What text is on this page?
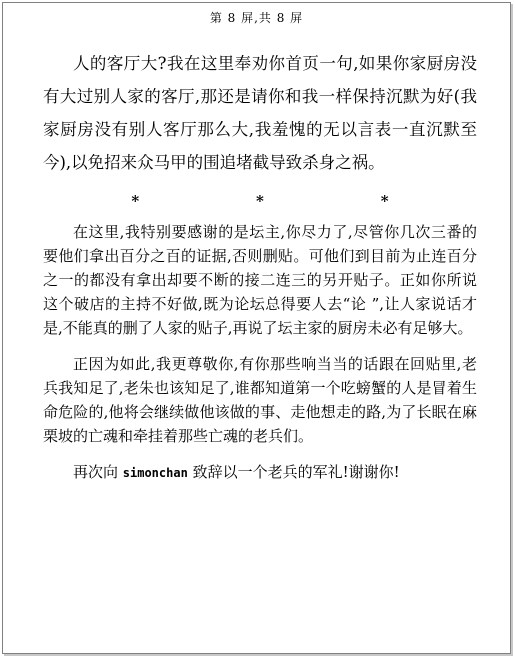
第 8 屏,共 8 屏

人的客厅大?我在这里奉劝你首页一句,如果你家厨房没有大过别人家的客厅,那还是请你和我一样保持沉默为好(我家厨房没有别人客厅那么大,我羞愧的无以言表一直沉默至今),以免招来众马甲的围追堵截导致杀身之祸。

*	*	*

在这里,我特别要感谢的是坛主,你尽力了,尽管你几次三番的要他们拿出百分之百的证据,否则删贴。可他们到目前为止连百分之一的都没有拿出却要不断的接二连三的另开贴子。正如你所说这个破店的主持不好做,既为论坛总得要人去“论 ”,让人家说话才是,不能真的删了人家的贴子,再说了坛主家的厨房未必有足够大。

正因为如此,我更尊敬你,有你那些响当当的话跟在回贴里,老兵我知足了,老朱也该知足了,谁都知道第一个吃螃蟹的人是冒着生命危险的,他将会继续做他该做的事、走他想走的路,为了长眠在麻栗坡的亡魂和牵挂着那些亡魂的老兵们。

再次向 simonchan 致辞以一个老兵的军礼!谢谢你!
